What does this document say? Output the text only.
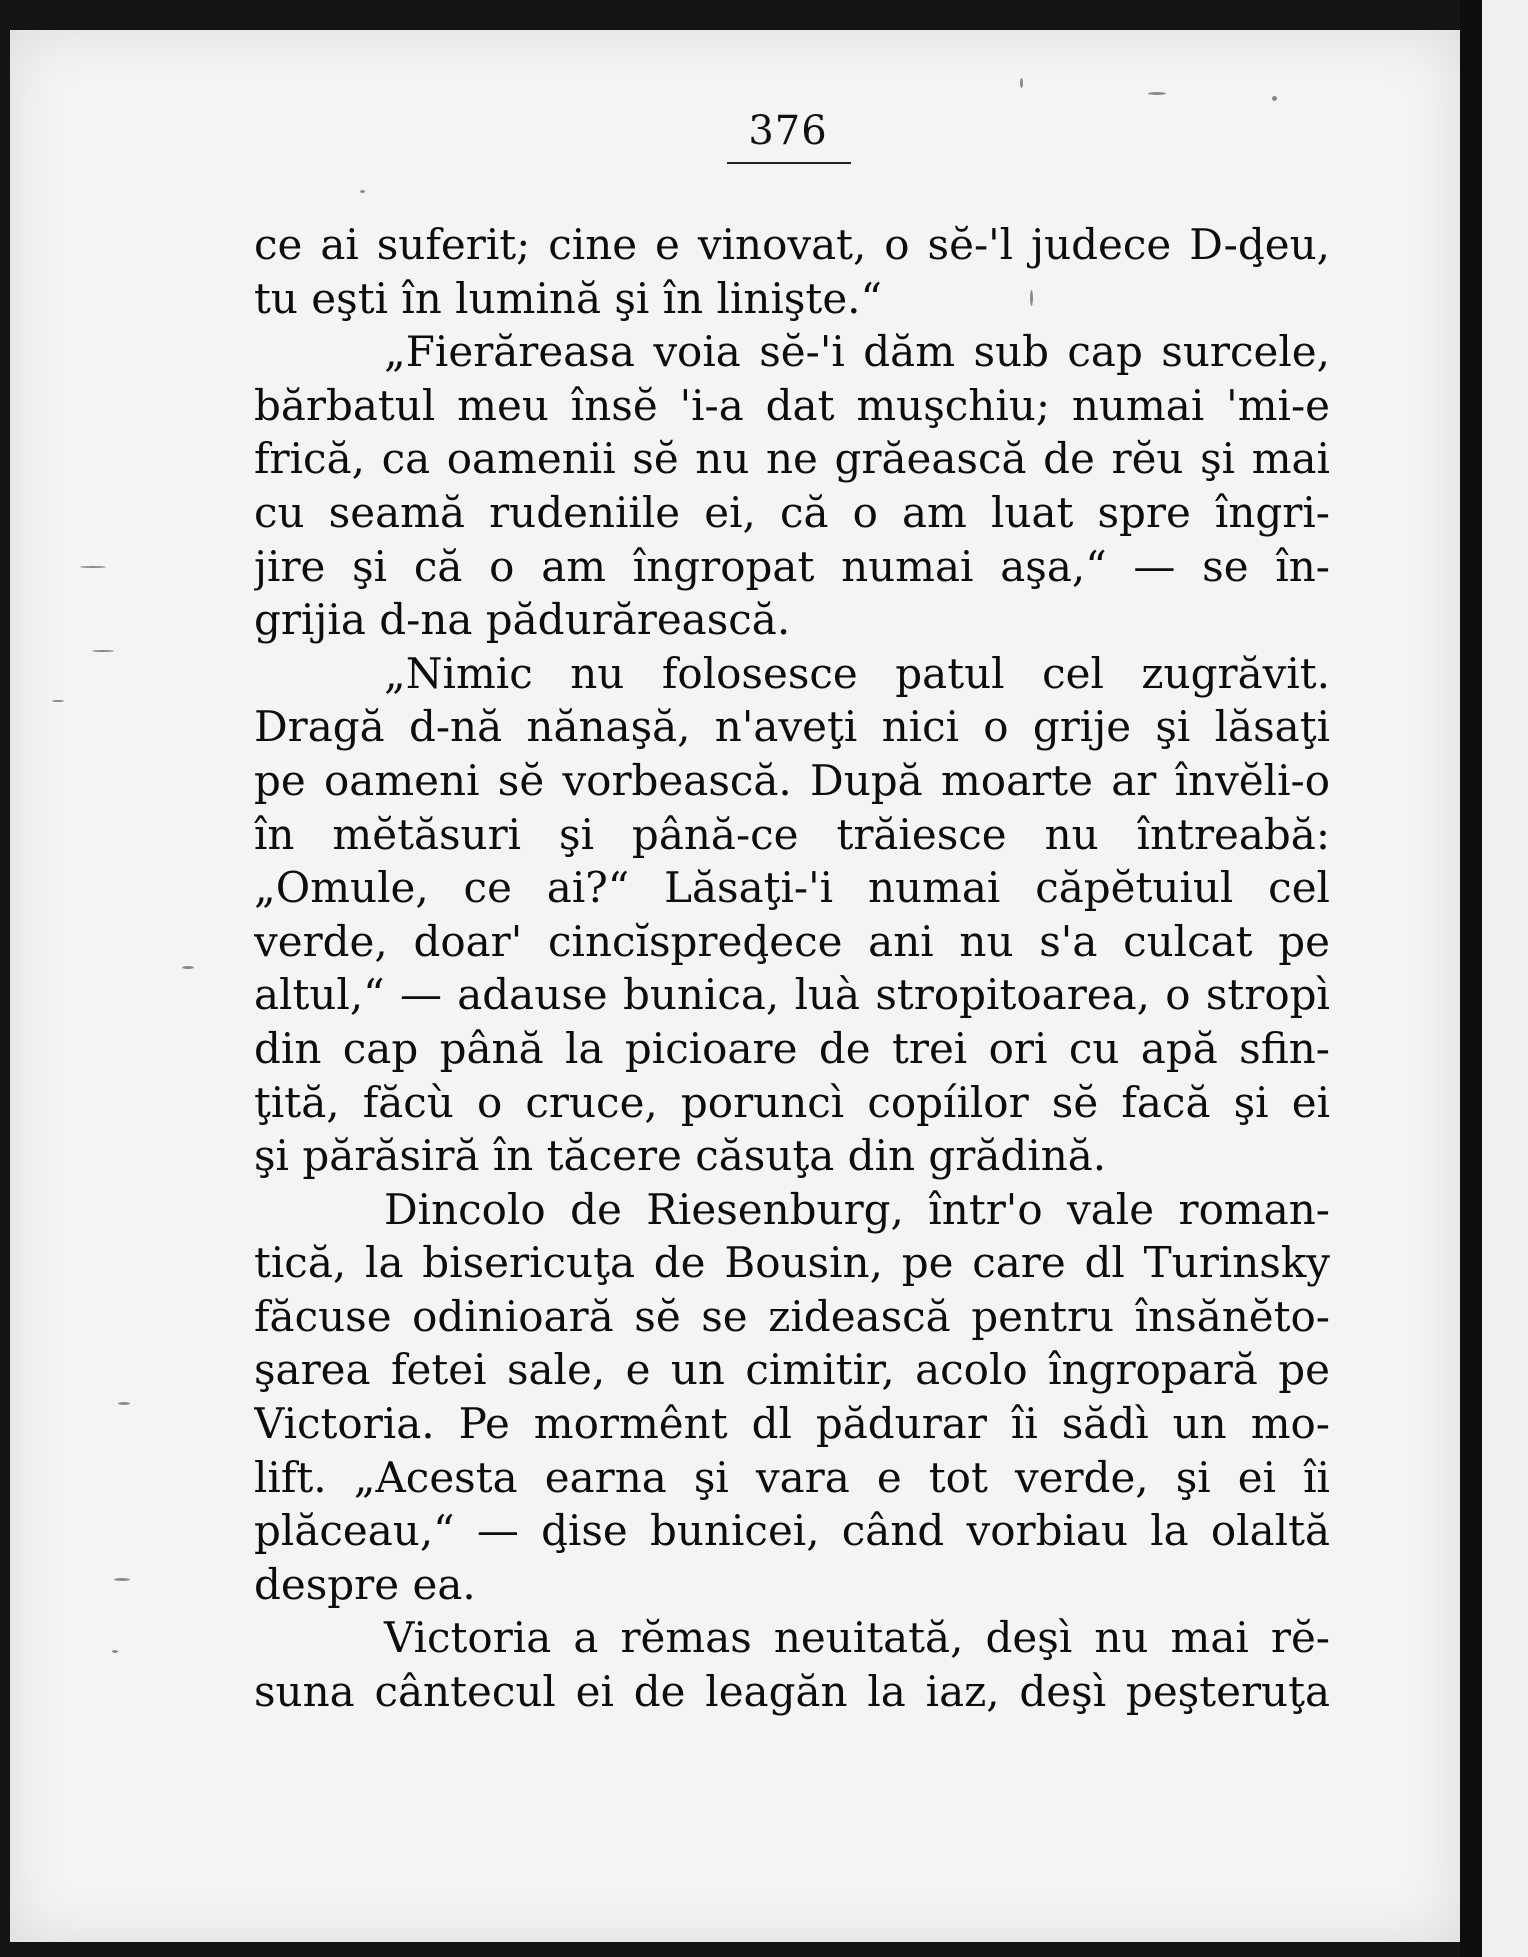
376
ce ai suferit; cine e vinovat, o sĕ-'l judece D-ḑeu,
tu eşti în lumină şi în linişte.“
„Fierăreasa voia sĕ-'i dăm sub cap surcele,
bărbatul meu însĕ 'i-a dat muşchiu; numai 'mi-e
frică, ca oamenii sĕ nu ne grăească de rĕu şi mai
cu seamă rudeniile ei, că o am luat spre îngri-
jire şi că o am îngropat numai aşa,“ — se în-
grijia d-na pădurărească.
„Nimic nu folosesce patul cel zugrăvit.
Dragă d-nă nănaşă, n'aveţi nici o grije şi lăsaţi
pe oameni sĕ vorbească. După moarte ar învĕli-o
în mĕtăsuri şi până-ce trăiesce nu întreabă:
„Omule, ce ai?“ Lăsaţi-'i numai căpĕtuiul cel
verde, doar' cincĭspreḑece ani nu s'a culcat pe
altul,“ — adause bunica, luà stropitoarea, o stropì
din cap până la picioare de trei ori cu apă sfin-
ţită, făcù o cruce, poruncì copíilor sĕ facă şi ei
şi părăsiră în tăcere căsuţa din grădină.
Dincolo de Riesenburg, într'o vale roman-
tică, la bisericuţa de Bousin, pe care dl Turinsky
făcuse odinioară sĕ se zidească pentru însănĕto-
şarea fetei sale, e un cimitir, acolo îngropară pe
Victoria. Pe mormênt dl pădurar îi sădì un mo-
lift. „Acesta earna şi vara e tot verde, şi ei îi
plăceau,“ — ḑise bunicei, când vorbiau la olaltă
despre ea.
Victoria a rĕmas neuitată, deşì nu mai rĕ-
suna cântecul ei de leagăn la iaz, deşì peşteruţa
